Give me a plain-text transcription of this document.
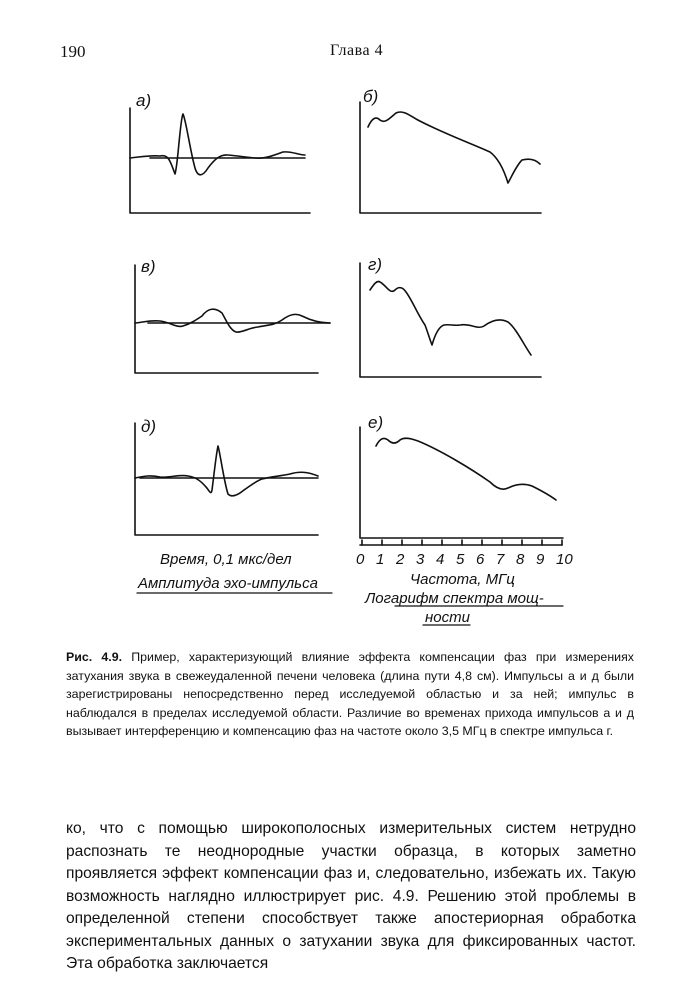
190	Глава 4
а)	б)
в)	г)
д)	е)
Время, 0,1 мкс/дел
Амплитуда эхо-импульса
0 1 2 3 4 5 6 7 8 9 10
Частота, МГц
Логарифм спектра мощ-
ности
Рис. 4.9. Пример, характеризующий влияние эффекта компенсации фаз при измерениях затухания звука в свежеудаленной печени человека (длина пути 4,8 см). Импульсы а и д были зарегистрированы непосредственно перед исследуемой областью и за ней; импульс в наблюдался в пределах исследуемой области. Различие во временах прихода импульсов а и д вызывает интерференцию и компенсацию фаз на частоте около 3,5 МГц в спектре импульса г.
ко, что с помощью широкополосных измерительных систем нетрудно распознать те неоднородные участки образца, в которых заметно проявляется эффект компенсации фаз и, следовательно, избежать их. Такую возможность наглядно иллюстрирует рис. 4.9. Решению этой проблемы в определенной степени способствует также апостериорная обработка экспериментальных данных о затухании звука для фиксированных частот. Эта обработка заключается
